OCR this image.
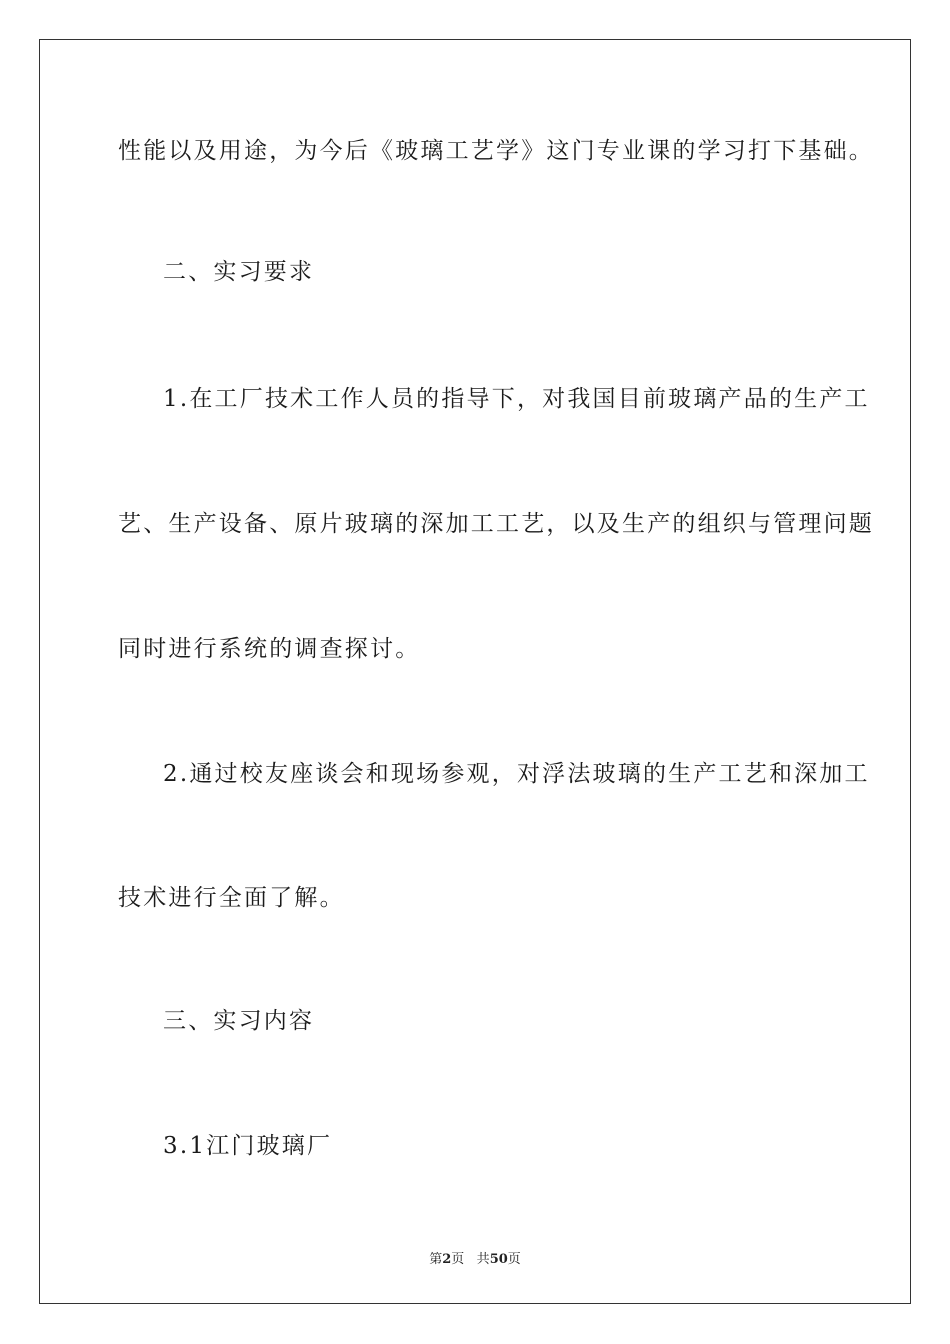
性能以及用途，为今后《玻璃工艺学》这门专业课的学习打下基础。
二、实习要求
1.在工厂技术工作人员的指导下，对我国目前玻璃产品的生产工
艺、生产设备、原片玻璃的深加工工艺，以及生产的组织与管理问题
同时进行系统的调查探讨。
2.通过校友座谈会和现场参观，对浮法玻璃的生产工艺和深加工
技术进行全面了解。
三、实习内容
3.1江门玻璃厂
第2页 共50页
